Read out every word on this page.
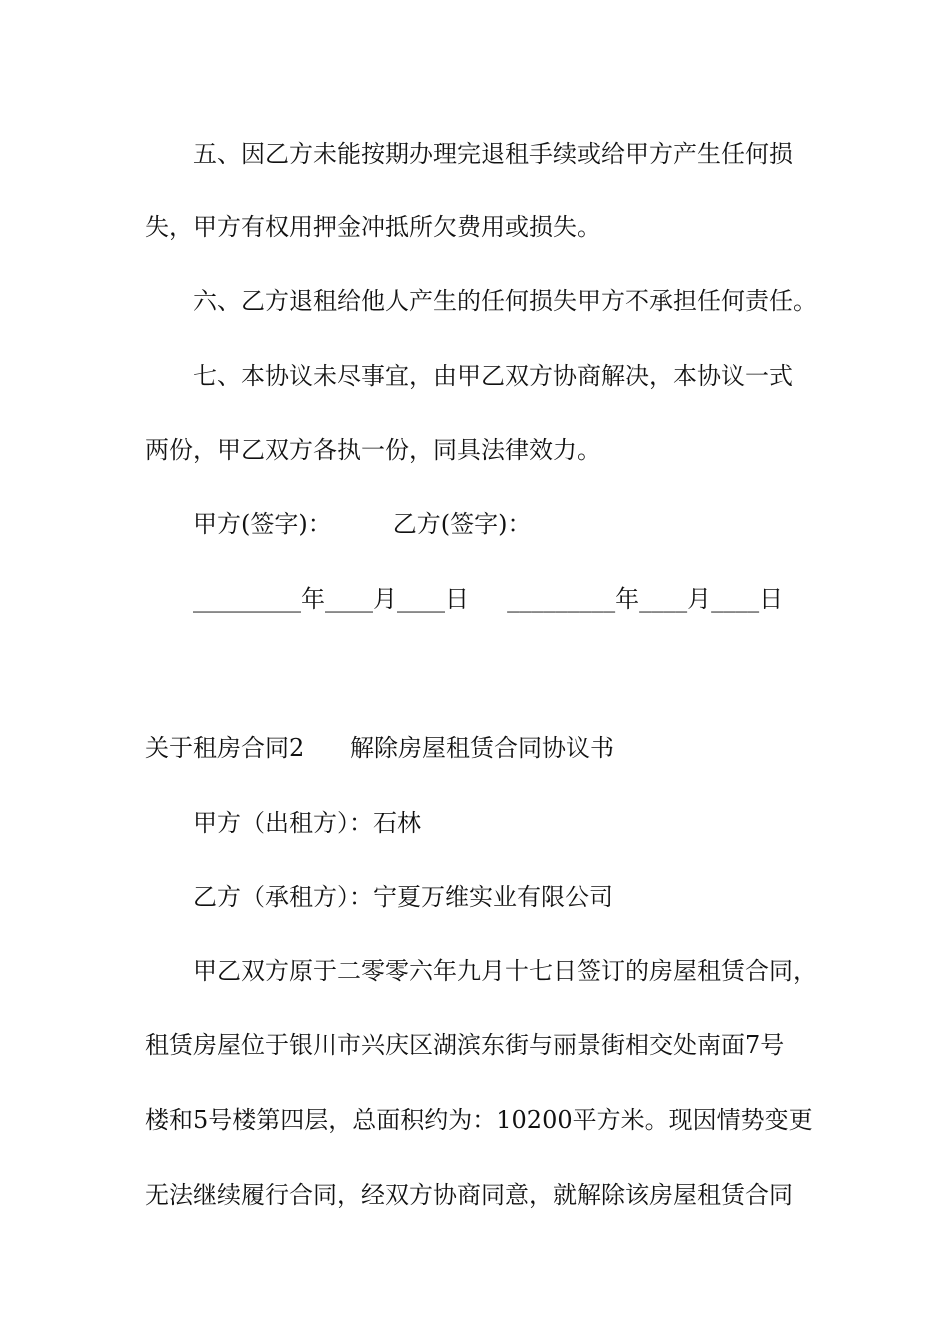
五、因乙方未能按期办理完退租手续或给甲方产生任何损

失，甲方有权用押金冲抵所欠费用或损失。

六、乙方退租给他人产生的任何损失甲方不承担任何责任。

七、本协议未尽事宜，由甲乙双方协商解决，本协议一式

两份，甲乙双方各执一份，同具法律效力。

甲方(签字)：        乙方(签字)：

_________年____月____日     _________年____月____日

关于租房合同2      解除房屋租赁合同协议书

甲方（出租方）：石林

乙方（承租方）：宁夏万维实业有限公司

甲乙双方原于二零零六年九月十七日签订的房屋租赁合同，

租赁房屋位于银川市兴庆区湖滨东街与丽景街相交处南面7号

楼和5号楼第四层，总面积约为：10200平方米。现因情势变更

无法继续履行合同，经双方协商同意，就解除该房屋租赁合同
